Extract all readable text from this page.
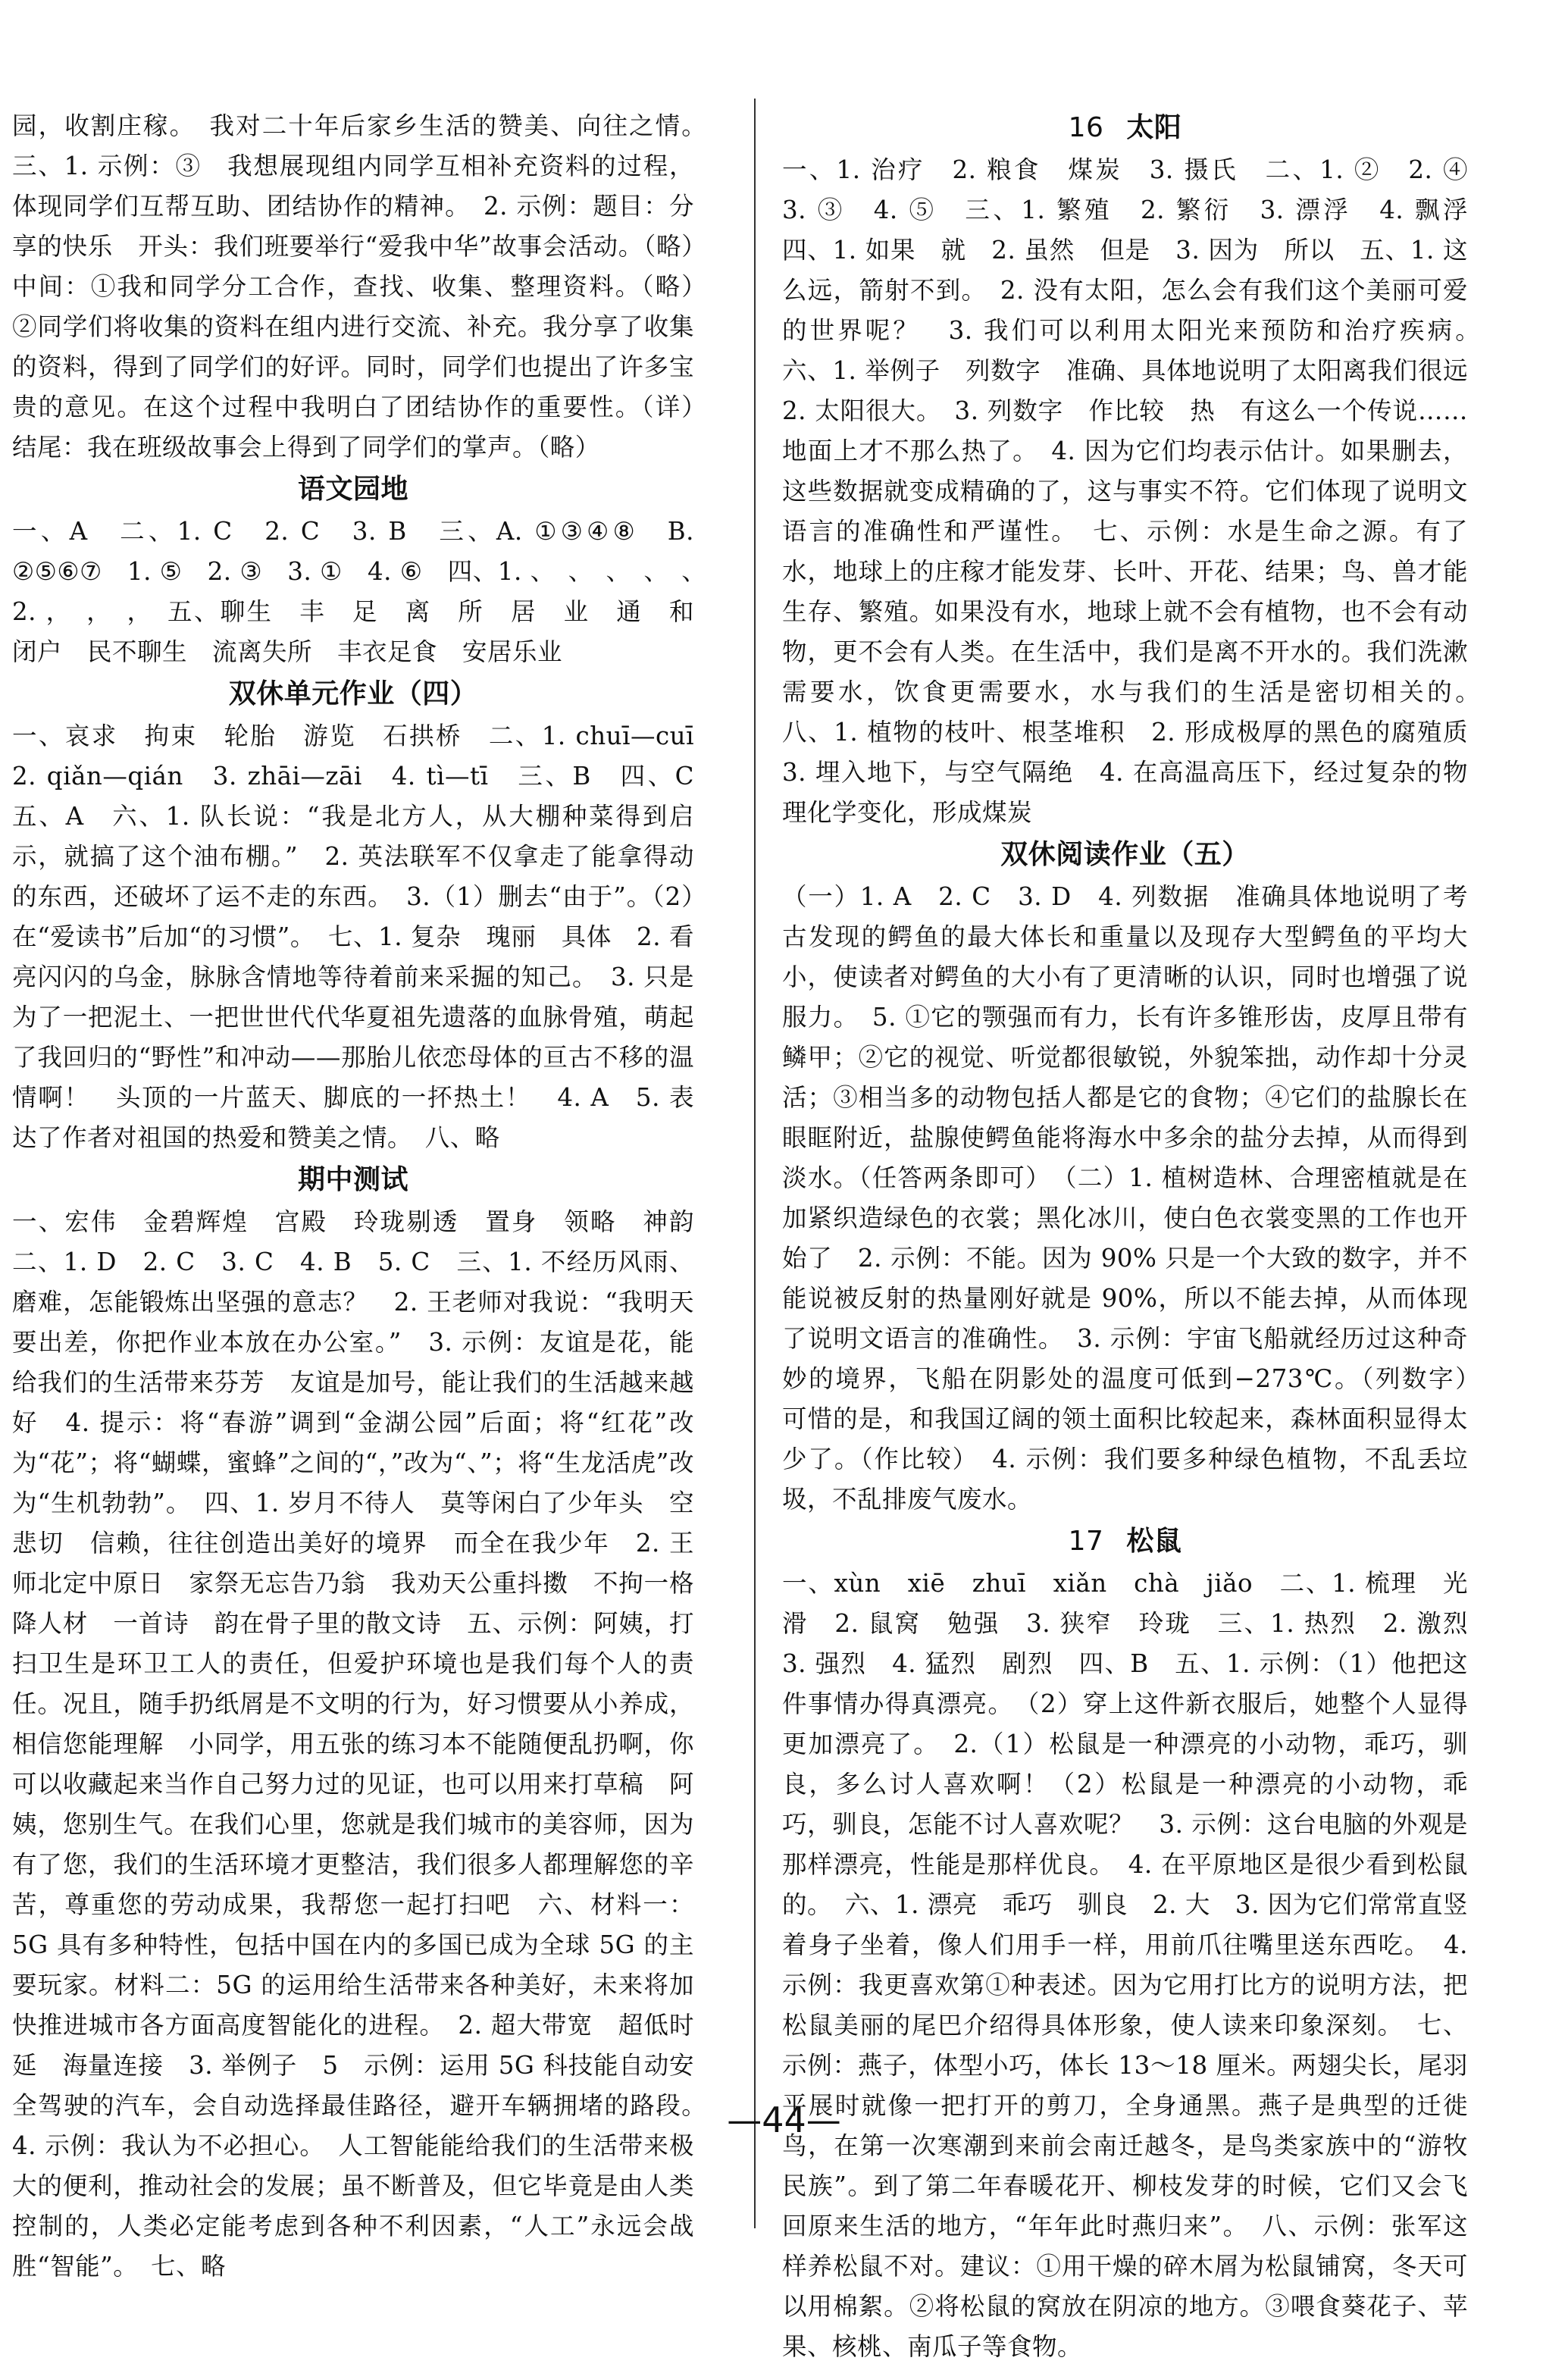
园，收割庄稼。　我对二十年后家乡生活的赞美、向往之情。　三、1. 示例：③　我想展现组内同学互相补充资料的过程，体现同学们互帮互助、团结协作的精神。　2. 示例：题目：分享的快乐　开头：我们班要举行“爱我中华”故事会活动。（略）　中间：①我和同学分工合作，查找、收集、整理资料。（略）　②同学们将收集的资料在组内进行交流、补充。我分享了收集的资料，得到了同学们的好评。同时，同学们也提出了许多宝贵的意见。在这个过程中我明白了团结协作的重要性。（详）　结尾：我在班级故事会上得到了同学们的掌声。（略）

语文园地

一、A　二、1. C　2. C　3. B　三、A. ①③④⑧　B. ②⑤⑥⑦　1. ⑤　2. ③　3. ①　4. ⑥　四、1. 、　、　、　、　、　2. ，　，　，　五、聊生　丰　足　离　所　居　业　通　和　闭户　民不聊生　流离失所　丰衣足食　安居乐业

双休单元作业（四）

一、哀求　拘束　轮胎　游览　石拱桥　二、1. chuī—cuī　2. qiǎn—qián　3. zhāi—zāi　4. tì—tī　三、B　四、C　五、A　六、1. 队长说：“我是北方人，从大棚种菜得到启示，就搞了这个油布棚。”　2. 英法联军不仅拿走了能拿得动的东西，还破坏了运不走的东西。　3.（1）删去“由于”。（2）在“爱读书”后加“的习惯”。　七、1. 复杂　瑰丽　具体　2. 看亮闪闪的乌金，脉脉含情地等待着前来采掘的知己。　3. 只是为了一把泥土、一把世世代代华夏祖先遗落的血脉骨殖，萌起了我回归的“野性”和冲动——那胎儿依恋母体的亘古不移的温情啊！　头顶的一片蓝天、脚底的一抔热土！　4. A　5. 表达了作者对祖国的热爱和赞美之情。　八、略

期中测试

一、宏伟　金碧辉煌　宫殿　玲珑剔透　置身　领略　神韵　二、1. D　2. C　3. C　4. B　5. C　三、1. 不经历风雨、磨难，怎能锻炼出坚强的意志？　2. 王老师对我说：“我明天要出差，你把作业本放在办公室。”　3. 示例：友谊是花，能给我们的生活带来芬芳　友谊是加号，能让我们的生活越来越好　4. 提示：将“春游”调到“金湖公园”后面；将“红花”改为“花”；将“蝴蝶，蜜蜂”之间的“，”改为“、”；将“生龙活虎”改为“生机勃勃”。　四、1. 岁月不待人　莫等闲白了少年头　空悲切　信赖，往往创造出美好的境界　而全在我少年　2. 王师北定中原日　家祭无忘告乃翁　我劝天公重抖擞　不拘一格降人材　一首诗　韵在骨子里的散文诗　五、示例：阿姨，打扫卫生是环卫工人的责任，但爱护环境也是我们每个人的责任。况且，随手扔纸屑是不文明的行为，好习惯要从小养成，相信您能理解　小同学，用五张的练习本不能随便乱扔啊，你可以收藏起来当作自己努力过的见证，也可以用来打草稿　阿姨，您别生气。在我们心里，您就是我们城市的美容师，因为有了您，我们的生活环境才更整洁，我们很多人都理解您的辛苦，尊重您的劳动成果，我帮您一起打扫吧　六、材料一：5G 具有多种特性，包括中国在内的多国已成为全球 5G 的主要玩家。材料二：5G 的运用给生活带来各种美好，未来将加快推进城市各方面高度智能化的进程。　2. 超大带宽　超低时延　海量连接　3. 举例子　5　示例：运用 5G 科技能自动安全驾驶的汽车，会自动选择最佳路径，避开车辆拥堵的路段。　4. 示例：我认为不必担心。　人工智能能给我们的生活带来极大的便利，推动社会的发展；虽不断普及，但它毕竟是由人类控制的，人类必定能考虑到各种不利因素，“人工”永远会战胜“智能”。　七、略

16 太阳

一、1. 治疗　2. 粮食　煤炭　3. 摄氏　二、1. ②　2. ④　3. ③　4. ⑤　三、1. 繁殖　2. 繁衍　3. 漂浮　4. 飘浮　四、1. 如果　就　2. 虽然　但是　3. 因为　所以　五、1. 这么远，箭射不到。　2. 没有太阳，怎么会有我们这个美丽可爱的世界呢？　3. 我们可以利用太阳光来预防和治疗疾病。　六、1. 举例子　列数字　准确、具体地说明了太阳离我们很远　2. 太阳很大。　3. 列数字　作比较　热　有这么一个传说……地面上才不那么热了。　4. 因为它们均表示估计。如果删去，这些数据就变成精确的了，这与事实不符。它们体现了说明文语言的准确性和严谨性。　七、示例：水是生命之源。有了水，地球上的庄稼才能发芽、长叶、开花、结果；鸟、兽才能生存、繁殖。如果没有水，地球上就不会有植物，也不会有动物，更不会有人类。在生活中，我们是离不开水的。我们洗漱需要水，饮食更需要水，水与我们的生活是密切相关的。　八、1. 植物的枝叶、根茎堆积　2. 形成极厚的黑色的腐殖质　3. 埋入地下，与空气隔绝　4. 在高温高压下，经过复杂的物理化学变化，形成煤炭

双休阅读作业（五）

（一）1. A　2. C　3. D　4. 列数据　准确具体地说明了考古发现的鳄鱼的最大体长和重量以及现存大型鳄鱼的平均大小，使读者对鳄鱼的大小有了更清晰的认识，同时也增强了说服力。　5. ①它的颚强而有力，长有许多锥形齿，皮厚且带有鳞甲；②它的视觉、听觉都很敏锐，外貌笨拙，动作却十分灵活；③相当多的动物包括人都是它的食物；④它们的盐腺长在眼眶附近，盐腺使鳄鱼能将海水中多余的盐分去掉，从而得到淡水。（任答两条即可）　（二）1. 植树造林、合理密植就是在加紧织造绿色的衣裳；黑化冰川，使白色衣裳变黑的工作也开始了　2. 示例：不能。因为 90% 只是一个大致的数字，并不能说被反射的热量刚好就是 90%，所以不能去掉，从而体现了说明文语言的准确性。　3. 示例：宇宙飞船就经历过这种奇妙的境界，飞船在阴影处的温度可低到−273℃。（列数字）　可惜的是，和我国辽阔的领土面积比较起来，森林面积显得太少了。（作比较）　4. 示例：我们要多种绿色植物，不乱丢垃圾，不乱排废气废水。

17 松鼠

一、xùn　xiē　zhuī　xiǎn　chà　jiǎo　二、1. 梳理　光滑　2. 鼠窝　勉强　3. 狭窄　玲珑　三、1. 热烈　2. 激烈　3. 强烈　4. 猛烈　剧烈　四、B　五、1. 示例：（1）他把这件事情办得真漂亮。　（2）穿上这件新衣服后，她整个人显得更加漂亮了。　2.（1）松鼠是一种漂亮的小动物，乖巧，驯良，多么讨人喜欢啊！（2）松鼠是一种漂亮的小动物，乖巧，驯良，怎能不讨人喜欢呢？　3. 示例：这台电脑的外观是那样漂亮，性能是那样优良。　4. 在平原地区是很少看到松鼠的。　六、1. 漂亮　乖巧　驯良　2. 大　3. 因为它们常常直竖着身子坐着，像人们用手一样，用前爪往嘴里送东西吃。　4. 示例：我更喜欢第①种表述。因为它用打比方的说明方法，把松鼠美丽的尾巴介绍得具体形象，使人读来印象深刻。　七、示例：燕子，体型小巧，体长 13～18 厘米。两翅尖长，尾羽平展时就像一把打开的剪刀，全身通黑。燕子是典型的迁徙鸟，在第一次寒潮到来前会南迁越冬，是鸟类家族中的“游牧民族”。到了第二年春暖花开、柳枝发芽的时候，它们又会飞回原来生活的地方，“年年此时燕归来”。　八、示例：张军这样养松鼠不对。建议：①用干燥的碎木屑为松鼠铺窝，冬天可以用棉絮。②将松鼠的窝放在阴凉的地方。③喂食葵花子、苹果、核桃、南瓜子等食物。

—44—
